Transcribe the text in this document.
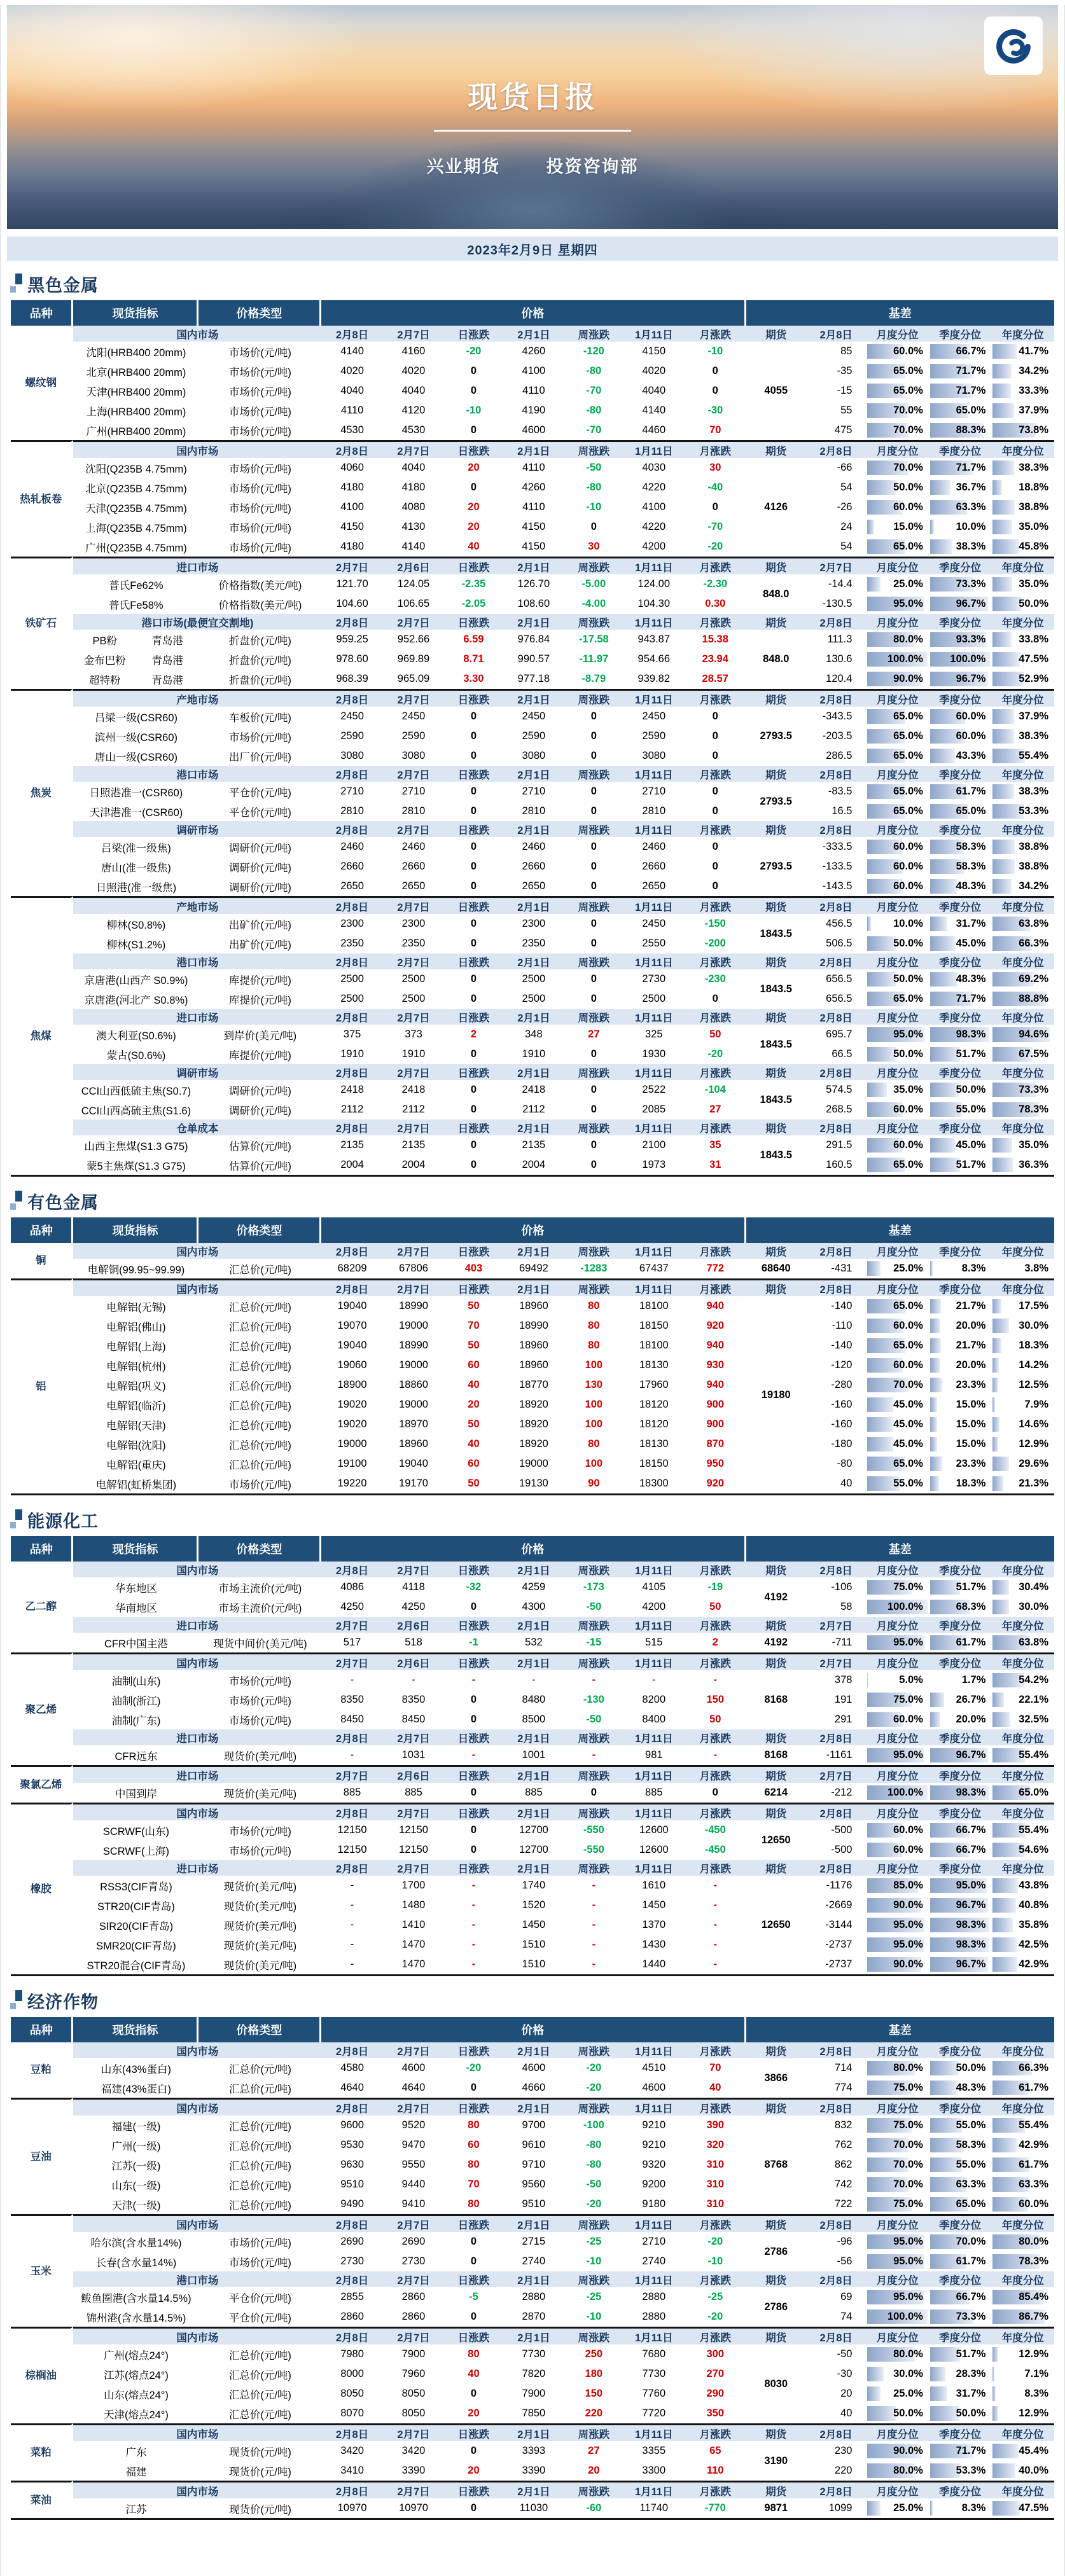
现货日报
兴业期货	投资咨询部
2023年2月9日 星期四
黑色金属
品种	现货指标	价格类型	价格							基差				
螺纹钢	国内市场		2月8日	2月7日	日涨跌	2月1日	周涨跌	1月11日	月涨跌	期货	2月8日	月度分位	季度分位	年度分位
	沈阳(HRB400 20mm)	市场价(元/吨)	4140	4160	-20	4260	-120	4150	-10	4055	85	60.0%	66.7%	41.7%
	北京(HRB400 20mm)	市场价(元/吨)	4020	4020	0	4100	-80	4020	0		-35	65.0%	71.7%	34.2%
	天津(HRB400 20mm)	市场价(元/吨)	4040	4040	0	4110	-70	4040	0		-15	65.0%	71.7%	33.3%
	上海(HRB400 20mm)	市场价(元/吨)	4110	4120	-10	4190	-80	4140	-30		55	70.0%	65.0%	37.9%
	广州(HRB400 20mm)	市场价(元/吨)	4530	4530	0	4600	-70	4460	70		475	70.0%	88.3%	73.8%
热轧板卷	国内市场		2月8日	2月7日	日涨跌	2月1日	周涨跌	1月11日	月涨跌	期货	2月8日	月度分位	季度分位	年度分位
	沈阳(Q235B 4.75mm)	市场价(元/吨)	4060	4040	20	4110	-50	4030	30	4126	-66	70.0%	71.7%	38.3%
	北京(Q235B 4.75mm)	市场价(元/吨)	4180	4180	0	4260	-80	4220	-40		54	50.0%	36.7%	18.8%
	天津(Q235B 4.75mm)	市场价(元/吨)	4100	4080	20	4110	-10	4100	0		-26	60.0%	63.3%	38.8%
	上海(Q235B 4.75mm)	市场价(元/吨)	4150	4130	20	4150	0	4220	-70		24	15.0%	10.0%	35.0%
	广州(Q235B 4.75mm)	市场价(元/吨)	4180	4140	40	4150	30	4200	-20		54	65.0%	38.3%	45.8%
铁矿石	进口市场		2月7日	2月6日	日涨跌	2月1日	周涨跌	1月11日	月涨跌	期货	2月7日	月度分位	季度分位	年度分位
	普氏Fe62%	价格指数(美元/吨)	121.70	124.05	-2.35	126.70	-5.00	124.00	-2.30	848.0	-14.4	25.0%	73.3%	35.0%
	普氏Fe58%	价格指数(美元/吨)	104.60	106.65	-2.05	108.60	-4.00	104.30	0.30		-130.5	95.0%	96.7%	50.0%
	港口市场(最便宜交割地)		2月8日	2月7日	日涨跌	2月1日	周涨跌	1月11日	月涨跌	期货	2月8日	月度分位	季度分位	年度分位

	PB粉 青岛港	折盘价(元/吨)	959.25	952.66	6.59	976.84	-17.58	943.87	15.38	848.0	111.3	80.0%	93.3%	33.8%

	金布巴粉 青岛港	折盘价(元/吨)	978.60	969.89	8.71	990.57	-11.97	954.66	23.94		130.6	100.0%	100.0%	47.5%

	超特粉 青岛港	折盘价(元/吨)	968.39	965.09	3.30	977.18	-8.79	939.82	28.57		120.4	90.0%	96.7%	52.9%
焦炭	产地市场		2月8日	2月7日	日涨跌	2月1日	周涨跌	1月11日	月涨跌	期货	2月8日	月度分位	季度分位	年度分位
	吕梁一级(CSR60)	车板价(元/吨)	2450	2450	0	2450	0	2450	0	2793.5	-343.5	65.0%	60.0%	37.9%
	滨州一级(CSR60)	市场价(元/吨)	2590	2590	0	2590	0	2590	0		-203.5	65.0%	60.0%	38.3%
	唐山一级(CSR60)	出厂价(元/吨)	3080	3080	0	3080	0	3080	0		286.5	65.0%	43.3%	55.4%
	港口市场		2月8日	2月7日	日涨跌	2月1日	周涨跌	1月11日	月涨跌	期货	2月8日	月度分位	季度分位	年度分位
	日照港准一(CSR60)	平仓价(元/吨)	2710	2710	0	2710	0	2710	0	2793.5	-83.5	65.0%	61.7%	38.3%
	天津港准一(CSR60)	平仓价(元/吨)	2810	2810	0	2810	0	2810	0		16.5	65.0%	65.0%	53.3%
	调研市场		2月8日	2月7日	日涨跌	2月1日	周涨跌	1月11日	月涨跌	期货	2月8日	月度分位	季度分位	年度分位
	吕梁(准一级焦)	调研价(元/吨)	2460	2460	0	2460	0	2460	0	2793.5	-333.5	60.0%	58.3%	38.8%
	唐山(准一级焦)	调研价(元/吨)	2660	2660	0	2660	0	2660	0		-133.5	60.0%	58.3%	38.8%
	日照港(准一级焦)	调研价(元/吨)	2650	2650	0	2650	0	2650	0		-143.5	60.0%	48.3%	34.2%
焦煤	产地市场		2月8日	2月7日	日涨跌	2月1日	周涨跌	1月11日	月涨跌	期货	2月8日	月度分位	季度分位	年度分位
	柳林(S0.8%)	出矿价(元/吨)	2300	2300	0	2300	0	2450	-150	1843.5	456.5	10.0%	31.7%	63.8%
	柳林(S1.2%)	出矿价(元/吨)	2350	2350	0	2350	0	2550	-200		506.5	50.0%	45.0%	66.3%
	港口市场		2月8日	2月7日	日涨跌	2月1日	周涨跌	1月11日	月涨跌	期货	2月8日	月度分位	季度分位	年度分位
	京唐港(山西产 S0.9%)	库提价(元/吨)	2500	2500	0	2500	0	2730	-230	1843.5	656.5	50.0%	48.3%	69.2%
	京唐港(河北产 S0.8%)	库提价(元/吨)	2500	2500	0	2500	0	2500	0		656.5	65.0%	71.7%	88.8%
	进口市场		2月8日	2月7日	日涨跌	2月1日	周涨跌	1月11日	月涨跌	期货	2月8日	月度分位	季度分位	年度分位
	澳大利亚(S0.6%)	到岸价(美元/吨)	375	373	2	348	27	325	50	1843.5	695.7	95.0%	98.3%	94.6%
	蒙古(S0.6%)	库提价(元/吨)	1910	1910	0	1910	0	1930	-20		66.5	50.0%	51.7%	67.5%
	调研市场		2月8日	2月7日	日涨跌	2月1日	周涨跌	1月11日	月涨跌	期货	2月8日	月度分位	季度分位	年度分位
	CCI山西低硫主焦(S0.7)	调研价(元/吨)	2418	2418	0	2418	0	2522	-104	1843.5	574.5	35.0%	50.0%	73.3%
	CCI山西高硫主焦(S1.6)	调研价(元/吨)	2112	2112	0	2112	0	2085	27		268.5	60.0%	55.0%	78.3%
	仓单成本		2月8日	2月7日	日涨跌	2月1日	周涨跌	1月11日	月涨跌	期货	2月8日	月度分位	季度分位	年度分位
	山西主焦煤(S1.3 G75)	估算价(元/吨)	2135	2135	0	2135	0	2100	35	1843.5	291.5	60.0%	45.0%	35.0%
	蒙5主焦煤(S1.3 G75)	估算价(元/吨)	2004	2004	0	2004	0	1973	31		160.5	65.0%	51.7%	36.3%
有色金属
品种	现货指标	价格类型	价格							基差				
铜	国内市场		2月8日	2月7日	日涨跌	2月1日	周涨跌	1月11日	月涨跌	期货	2月8日	月度分位	季度分位	年度分位
	电解铜(99.95~99.99)	汇总价(元/吨)	68209	67806	403	69492	-1283	67437	772	68640	-431	25.0%	8.3%	3.8%
铝	国内市场		2月8日	2月7日	日涨跌	2月1日	周涨跌	1月11日	月涨跌	期货	2月8日	月度分位	季度分位	年度分位
	电解铝(无锡)	汇总价(元/吨)	19040	18990	50	18960	80	18100	940	19180	-140	65.0%	21.7%	17.5%
	电解铝(佛山)	汇总价(元/吨)	19070	19000	70	18990	80	18150	920		-110	60.0%	20.0%	30.0%
	电解铝(上海)	汇总价(元/吨)	19040	18990	50	18960	80	18100	940		-140	65.0%	21.7%	18.3%
	电解铝(杭州)	汇总价(元/吨)	19060	19000	60	18960	100	18130	930		-120	60.0%	20.0%	14.2%
	电解铝(巩义)	汇总价(元/吨)	18900	18860	40	18770	130	17960	940		-280	70.0%	23.3%	12.5%
	电解铝(临沂)	汇总价(元/吨)	19020	19000	20	18920	100	18120	900		-160	45.0%	15.0%	7.9%
	电解铝(天津)	汇总价(元/吨)	19020	18970	50	18920	100	18120	900		-160	45.0%	15.0%	14.6%
	电解铝(沈阳)	汇总价(元/吨)	19000	18960	40	18920	80	18130	870		-180	45.0%	15.0%	12.9%
	电解铝(重庆)	汇总价(元/吨)	19100	19040	60	19000	100	18150	950		-80	65.0%	23.3%	29.6%
	电解铝(虹桥集团)	市场价(元/吨)	19220	19170	50	19130	90	18300	920		40	55.0%	18.3%	21.3%
能源化工
品种	现货指标	价格类型	价格							基差				
乙二醇	国内市场		2月8日	2月7日	日涨跌	2月1日	周涨跌	1月11日	月涨跌	期货	2月8日	月度分位	季度分位	年度分位
	华东地区	市场主流价(元/吨)	4086	4118	-32	4259	-173	4105	-19	4192	-106	75.0%	51.7%	30.4%
	华南地区	市场主流价(元/吨)	4250	4250	0	4300	-50	4200	50		58	100.0%	68.3%	30.0%
	进口市场		2月7日	2月6日	日涨跌	2月1日	周涨跌	1月11日	月涨跌	期货	2月7日	月度分位	季度分位	年度分位
	CFR中国主港	现货中间价(美元/吨)	517	518	-1	532	-15	515	2	4192	-711	95.0%	61.7%	63.8%
聚乙烯	国内市场		2月7日	2月6日	日涨跌	2月1日	周涨跌	1月11日	月涨跌	期货	2月7日	月度分位	季度分位	年度分位
	油制(山东)	市场价(元/吨)	-	-	-	-	-	-	-	8168	378	5.0%	1.7%	54.2%
	油制(浙江)	市场价(元/吨)	8350	8350	0	8480	-130	8200	150		191	75.0%	26.7%	22.1%
	油制(广东)	市场价(元/吨)	8450	8450	0	8500	-50	8400	50		291	60.0%	20.0%	32.5%
	进口市场		2月8日	2月7日	日涨跌	2月1日	周涨跌	1月11日	月涨跌	期货	2月8日	月度分位	季度分位	年度分位
	CFR远东	现货价(美元/吨)	-	1031	-	1001	-	981	-	8168	-1161	95.0%	96.7%	55.4%
聚氯乙烯	进口市场		2月7日	2月6日	日涨跌	2月1日	周涨跌	1月11日	月涨跌	期货	2月7日	月度分位	季度分位	年度分位
	中国到岸	现货价(美元/吨)	885	885	0	885	0	885	0	6214	-212	100.0%	98.3%	65.0%
橡胶	国内市场		2月8日	2月7日	日涨跌	2月1日	周涨跌	1月11日	月涨跌	期货	2月8日	月度分位	季度分位	年度分位
	SCRWF(山东)	市场价(元/吨)	12150	12150	0	12700	-550	12600	-450	12650	-500	60.0%	66.7%	55.4%
	SCRWF(上海)	市场价(元/吨)	12150	12150	0	12700	-550	12600	-450		-500	60.0%	66.7%	54.6%
	进口市场		2月8日	2月7日	日涨跌	2月1日	周涨跌	1月11日	月涨跌	期货	2月8日	月度分位	季度分位	年度分位
	RSS3(CIF青岛)	现货价(美元/吨)	-	1700	-	1740	-	1610	-	12650	-1176	85.0%	95.0%	43.8%
	STR20(CIF青岛)	现货价(美元/吨)	-	1480	-	1520	-	1450	-		-2669	90.0%	96.7%	40.8%
	SIR20(CIF青岛)	现货价(美元/吨)	-	1410	-	1450	-	1370	-		-3144	95.0%	98.3%	35.8%
	SMR20(CIF青岛)	现货价(美元/吨)	-	1470	-	1510	-	1430	-		-2737	95.0%	98.3%	42.5%
	STR20混合(CIF青岛)	现货价(美元/吨)	-	1470	-	1510	-	1440	-		-2737	90.0%	96.7%	42.9%
经济作物
品种	现货指标	价格类型	价格							基差				
豆粕	国内市场		2月8日	2月7日	日涨跌	2月1日	周涨跌	1月11日	月涨跌	期货	2月8日	月度分位	季度分位	年度分位
	山东(43%蛋白)	汇总价(元/吨)	4580	4600	-20	4600	-20	4510	70	3866	714	80.0%	50.0%	66.3%
	福建(43%蛋白)	汇总价(元/吨)	4640	4640	0	4660	-20	4600	40		774	75.0%	48.3%	61.7%
豆油	国内市场		2月8日	2月7日	日涨跌	2月1日	周涨跌	1月11日	月涨跌	期货	2月8日	月度分位	季度分位	年度分位
	福建(一级)	汇总价(元/吨)	9600	9520	80	9700	-100	9210	390	8768	832	75.0%	55.0%	55.4%
	广州(一级)	汇总价(元/吨)	9530	9470	60	9610	-80	9210	320		762	70.0%	58.3%	42.9%
	江苏(一级)	汇总价(元/吨)	9630	9550	80	9710	-80	9320	310		862	70.0%	55.0%	61.7%
	山东(一级)	汇总价(元/吨)	9510	9440	70	9560	-50	9200	310		742	70.0%	63.3%	63.3%
	天津(一级)	汇总价(元/吨)	9490	9410	80	9510	-20	9180	310		722	75.0%	65.0%	60.0%
玉米	国内市场		2月8日	2月7日	日涨跌	2月1日	周涨跌	1月11日	月涨跌	期货	2月8日	月度分位	季度分位	年度分位
	哈尔滨(含水量14%)	市场价(元/吨)	2690	2690	0	2715	-25	2710	-20	2786	-96	95.0%	70.0%	80.0%
	长春(含水量14%)	市场价(元/吨)	2730	2730	0	2740	-10	2740	-10		-56	95.0%	61.7%	78.3%
	港口市场		2月8日	2月7日	日涨跌	2月1日	周涨跌	1月11日	月涨跌	期货	2月8日	月度分位	季度分位	年度分位
	鲅鱼圈港(含水量14.5%)	平仓价(元/吨)	2855	2860	-5	2880	-25	2880	-25	2786	69	95.0%	66.7%	85.4%
	锦州港(含水量14.5%)	平仓价(元/吨)	2860	2860	0	2870	-10	2880	-20		74	100.0%	73.3%	86.7%
棕榈油	国内市场		2月8日	2月7日	日涨跌	2月1日	周涨跌	1月11日	月涨跌	期货	2月8日	月度分位	季度分位	年度分位
	广州(熔点24°)	汇总价(元/吨)	7980	7900	80	7730	250	7680	300	8030	-50	80.0%	51.7%	12.9%
	江苏(熔点24°)	汇总价(元/吨)	8000	7960	40	7820	180	7730	270		-30	30.0%	28.3%	7.1%
	山东(熔点24°)	汇总价(元/吨)	8050	8050	0	7900	150	7760	290		20	25.0%	31.7%	8.3%
	天津(熔点24°)	汇总价(元/吨)	8070	8050	20	7850	220	7720	350		40	50.0%	50.0%	12.9%
菜粕	国内市场		2月8日	2月7日	日涨跌	2月1日	周涨跌	1月11日	月涨跌	期货	2月8日	月度分位	季度分位	年度分位
	广东	现货价(元/吨)	3420	3420	0	3393	27	3355	65	3190	230	90.0%	71.7%	45.4%
	福建	现货价(元/吨)	3410	3390	20	3390	20	3300	110		220	80.0%	53.3%	40.0%
菜油	国内市场		2月8日	2月7日	日涨跌	2月1日	周涨跌	1月11日	月涨跌	期货	2月8日	月度分位	季度分位	年度分位
	江苏	现货价(元/吨)	10970	10970	0	11030	-60	11740	-770	9871	1099	25.0%	8.3%	47.5%
